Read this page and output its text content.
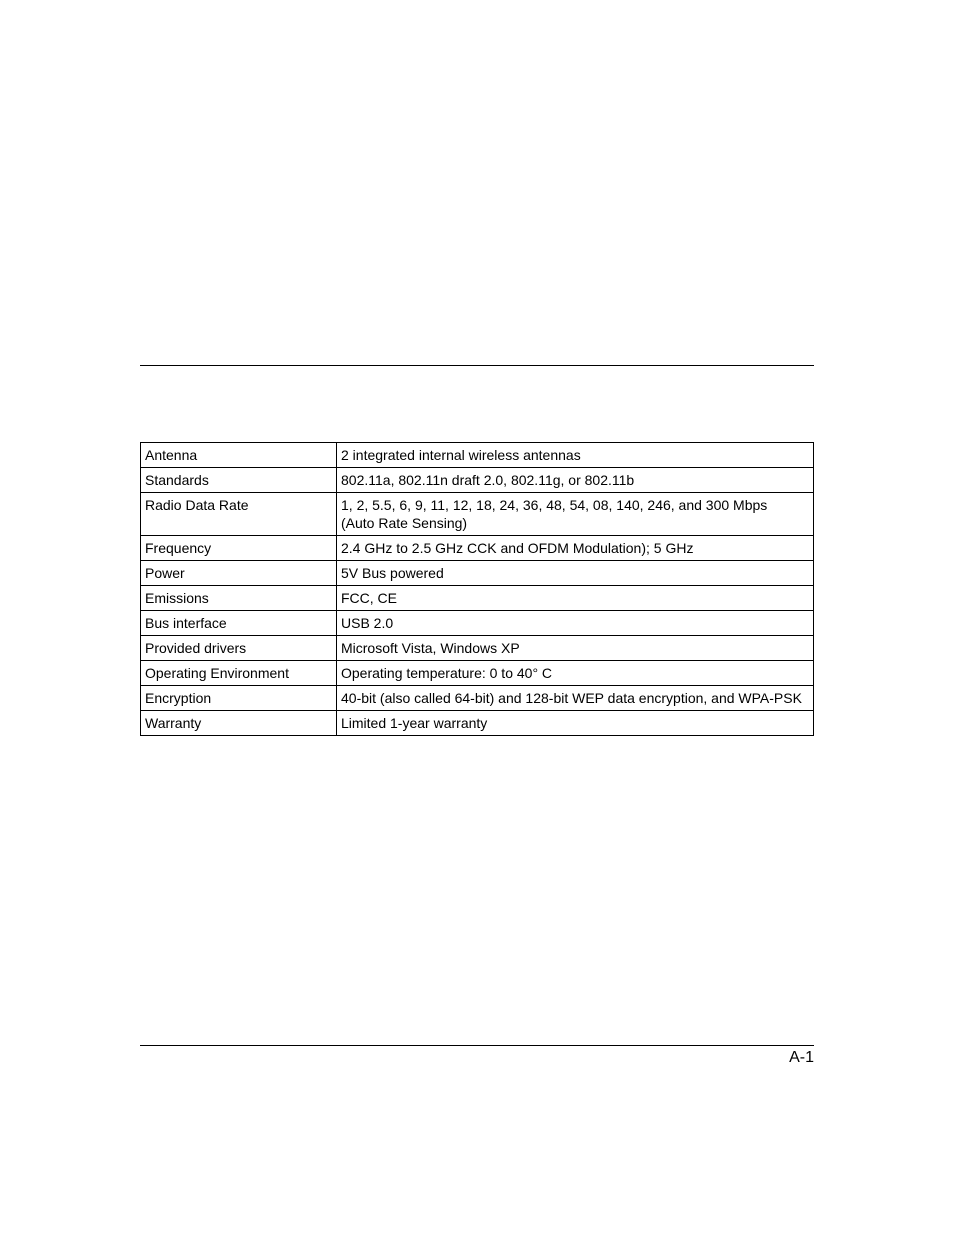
Antenna	2 integrated internal wireless antennas
Standards	802.11a, 802.11n draft 2.0, 802.11g, or 802.11b
Radio Data Rate	1, 2, 5.5, 6, 9, 11, 12, 18, 24, 36, 48, 54, 08, 140, 246, and 300 Mbps
(Auto Rate Sensing)

Frequency	2.4 GHz to 2.5 GHz CCK and OFDM Modulation); 5 GHz
Power	5V Bus powered
Emissions	FCC, CE
Bus interface	USB 2.0
Provided drivers	Microsoft Vista, Windows XP
Operating Environment	Operating temperature: 0 to 40° C
Encryption	40-bit (also called 64-bit) and 128-bit WEP data encryption, and WPA-PSK
Warranty	Limited 1-year warranty
A-1
